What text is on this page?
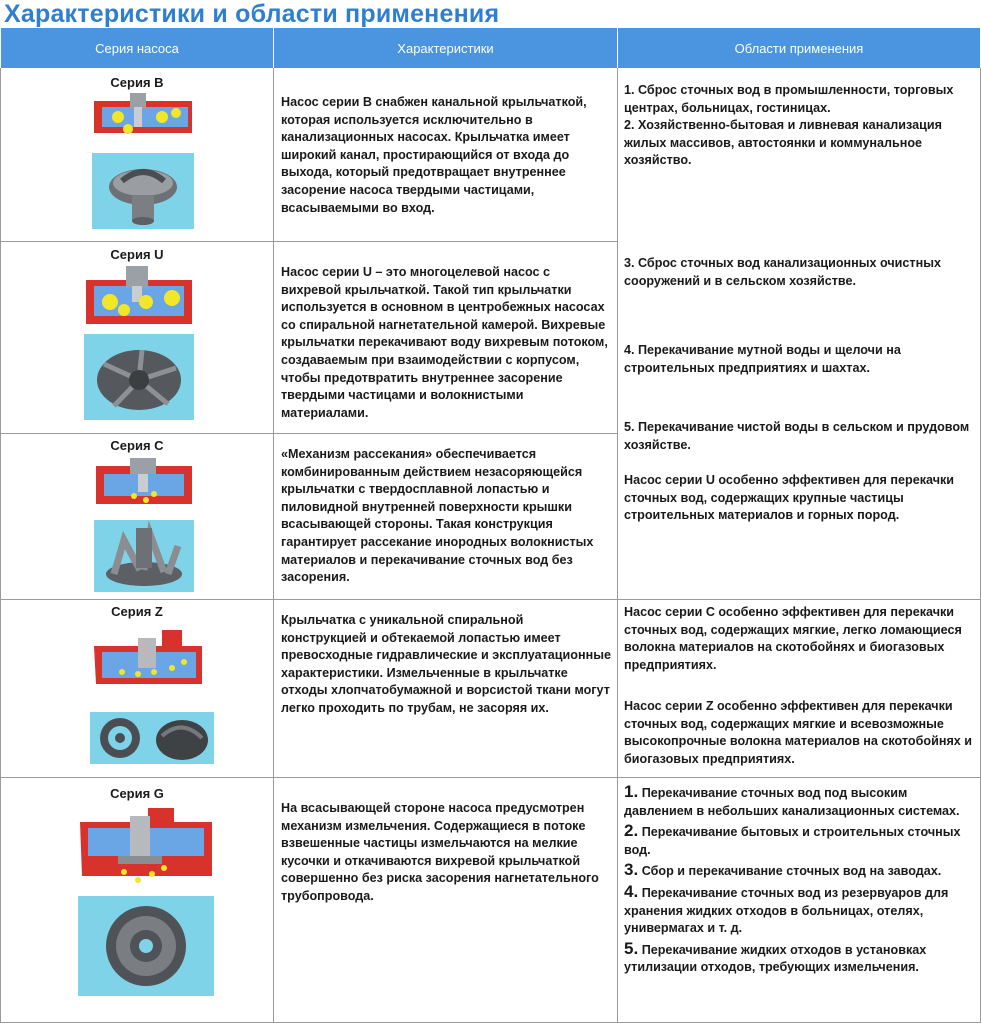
Характеристики и области применения
Серия насоса	Характеристики	Области применения
Серия B
Насос серии B снабжен канальной крыльчаткой, которая используется исключительно в канализационных насосах. Крыльчатка имеет широкий канал, простирающийся от входа до выхода, который предотвращает внутреннее засорение насоса твердыми частицами, всасываемыми во вход.
Серия U
Насос серии U – это многоцелевой насос с вихревой крыльчаткой. Такой тип крыльчатки используется в основном в центробежных насосах со спиральной нагнетательной камерой. Вихревые крыльчатки перекачивают воду вихревым потоком, создаваемым при взаимодействии с корпусом, чтобы предотвратить внутреннее засорение твердыми частицами и волокнистыми материалами.
Серия C
«Механизм рассекания» обеспечивается комбинированным действием незасоряющейся крыльчатки с твердосплавной лопастью и пиловидной внутренней поверхности крышки всасывающей стороны. Такая конструкция гарантирует рассекание инородных волокнистых материалов и перекачивание сточных вод без засорения.
Серия Z
Крыльчатка с уникальной спиральной конструкцией и обтекаемой лопастью имеет превосходные гидравлические и эксплуатационные характеристики. Измельченные в крыльчатке отходы хлопчатобумажной и ворсистой ткани могут легко проходить по трубам, не засоряя их.
Серия G
На всасывающей стороне насоса предусмотрен механизм измельчения. Содержащиеся в потоке взвешенные частицы измельчаются на мелкие кусочки и откачиваются вихревой крыльчаткой совершенно без риска засорения нагнетательного трубопровода.
1. Сброс сточных вод в промышленности, торговых центрах, больницах, гостиницах.
2. Хозяйственно-бытовая и ливневая канализация жилых массивов, автостоянки и коммунальное хозяйство.
3. Сброс сточных вод канализационных очистных сооружений и в сельском хозяйстве.
4. Перекачивание мутной воды и щелочи на строительных предприятиях и шахтах.
5. Перекачивание чистой воды в сельском и прудовом хозяйстве.
Насос серии U особенно эффективен для перекачки сточных вод, содержащих крупные частицы строительных материалов и горных пород.
Насос серии C особенно эффективен для перекачки сточных вод, содержащих мягкие, легко ломающиеся волокна материалов на скотобойнях и биогазовых предприятиях.
Насос серии Z особенно эффективен для перекачки сточных вод, содержащих мягкие и всевозможные высокопрочные волокна материалов на скотобойнях и биогазовых предприятиях.
1. Перекачивание сточных вод под высоким давлением в небольших канализационных системах.
2. Перекачивание бытовых и строительных сточных вод.
3. Сбор и перекачивание сточных вод на заводах.
4. Перекачивание сточных вод из резервуаров для хранения жидких отходов в больницах, отелях, универмагах и т. д.
5. Перекачивание жидких отходов в установках утилизации отходов, требующих измельчения.
